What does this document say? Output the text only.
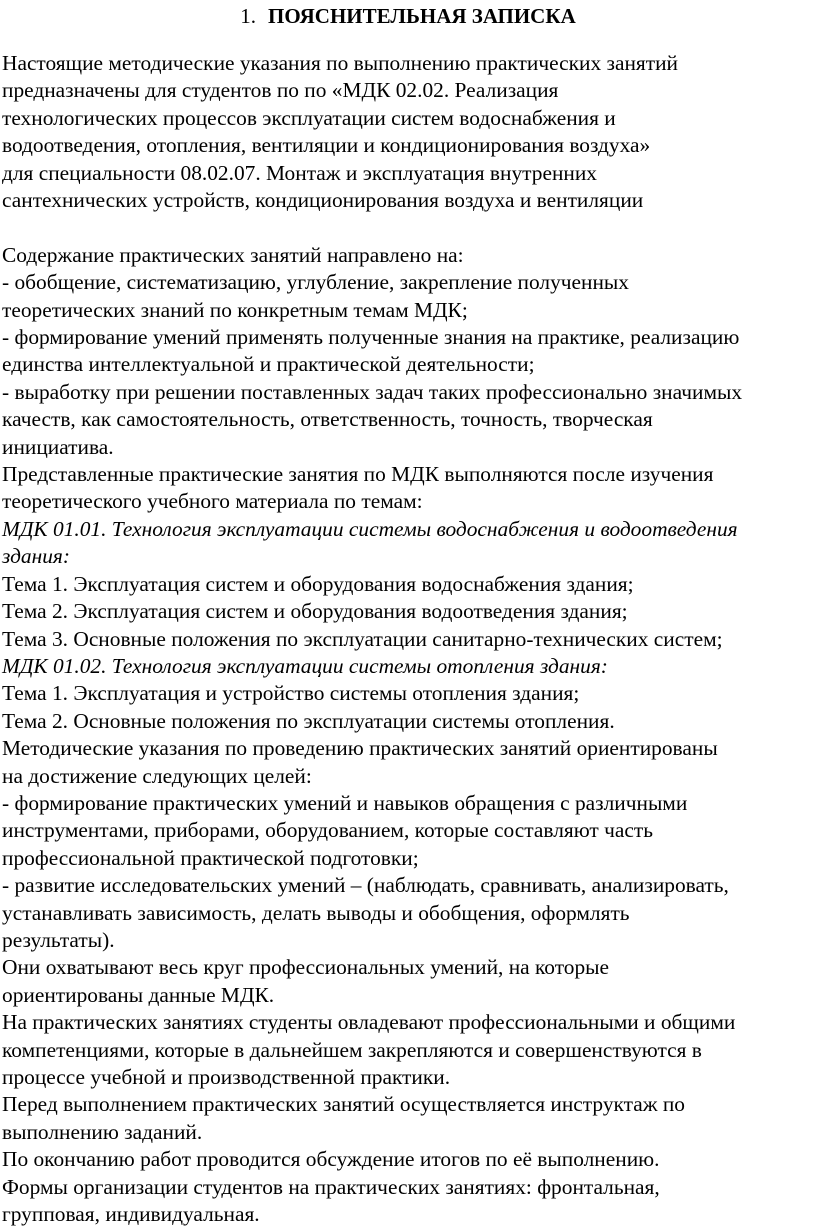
1. ПОЯСНИТЕЛЬНАЯ ЗАПИСКА

Настоящие методические указания по выполнению практических занятий

предназначены для студентов по по «МДК 02.02. Реализация

технологических процессов эксплуатации систем водоснабжения и

водоотведения, отопления, вентиляции и кондиционирования воздуха»

для специальности 08.02.07. Монтаж и эксплуатация внутренних

сантехнических устройств, кондиционирования воздуха и вентиляции

Содержание практических занятий направлено на:

- обобщение, систематизацию, углубление, закрепление полученных

теоретических знаний по конкретным темам МДК;

- формирование умений применять полученные знания на практике, реализацию

единства интеллектуальной и практической деятельности;

- выработку при решении поставленных задач таких профессионально значимых

качеств, как самостоятельность, ответственность, точность, творческая

инициатива.

Представленные практические занятия по МДК выполняются после изучения

теоретического учебного материала по темам:

МДК 01.01. Технология эксплуатации системы водоснабжения и водоотведения

здания:

Тема 1. Эксплуатация систем и оборудования водоснабжения здания;

Тема 2. Эксплуатация систем и оборудования водоотведения здания;

Тема 3. Основные положения по эксплуатации санитарно-технических систем;

МДК 01.02. Технология эксплуатации системы отопления здания:

Тема 1. Эксплуатация и устройство системы отопления здания;

Тема 2. Основные положения по эксплуатации системы отопления.

Методические указания по проведению практических занятий ориентированы

на достижение следующих целей:

- формирование практических умений и навыков обращения с различными

инструментами, приборами, оборудованием, которые составляют часть

профессиональной практической подготовки;

- развитие исследовательских умений – (наблюдать, сравнивать, анализировать,

устанавливать зависимость, делать выводы и обобщения, оформлять

результаты).

Они охватывают весь круг профессиональных умений, на которые

ориентированы данные МДК.

На практических занятиях студенты овладевают профессиональными и общими

компетенциями, которые в дальнейшем закрепляются и совершенствуются в

процессе учебной и производственной практики.

Перед выполнением практических занятий осуществляется инструктаж по

выполнению заданий.

По окончанию работ проводится обсуждение итогов по её выполнению.

Формы организации студентов на практических занятиях: фронтальная,

групповая, индивидуальная.
